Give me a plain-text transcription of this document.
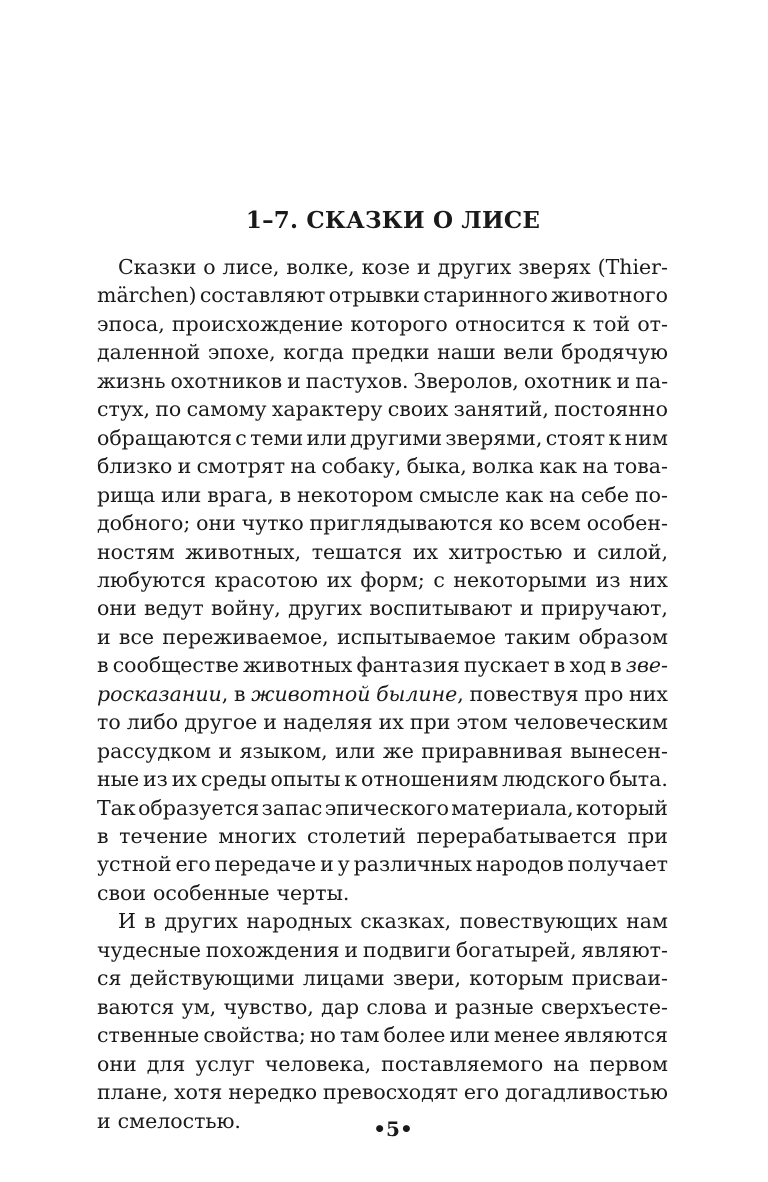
1–7. СКАЗКИ О ЛИСЕ
Сказки о лисе, волке, козе и других зверях (Thier-
märchen) составляют отрывки старинного животного
эпоса, происхождение которого относится к той от-
даленной эпохе, когда предки наши вели бродячую
жизнь охотников и пастухов. Зверолов, охотник и па-
стух, по самому характеру своих занятий, постоянно
обращаются с теми или другими зверями, стоят к ним
близко и смотрят на собаку, быка, волка как на това-
рища или врага, в некотором смысле как на себе по-
добного; они чутко приглядываются ко всем особен-
ностям животных, тешатся их хитростью и силой,
любуются красотою их форм; с некоторыми из них
они ведут войну, других воспитывают и приручают,
и все переживаемое, испытываемое таким образом
в сообществе животных фантазия пускает в ход в зве-
росказании, в животной былине, повествуя про них
то либо другое и наделяя их при этом человеческим
рассудком и языком, или же приравнивая вынесен-
ные из их среды опыты к отношениям людского быта.
Так образуется запас эпического материала, который
в течение многих столетий перерабатывается при
устной его передаче и у различных народов получает
свои особенные черты.
И в других народных сказках, повествующих нам
чудесные похождения и подвиги богатырей, являют-
ся действующими лицами звери, которым присваи-
ваются ум, чувство, дар слова и разные сверхъесте-
ственные свойства; но там более или менее являются
они для услуг человека, поставляемого на первом
плане, хотя нередко превосходят его догадливостью
и смелостью.	•5•
